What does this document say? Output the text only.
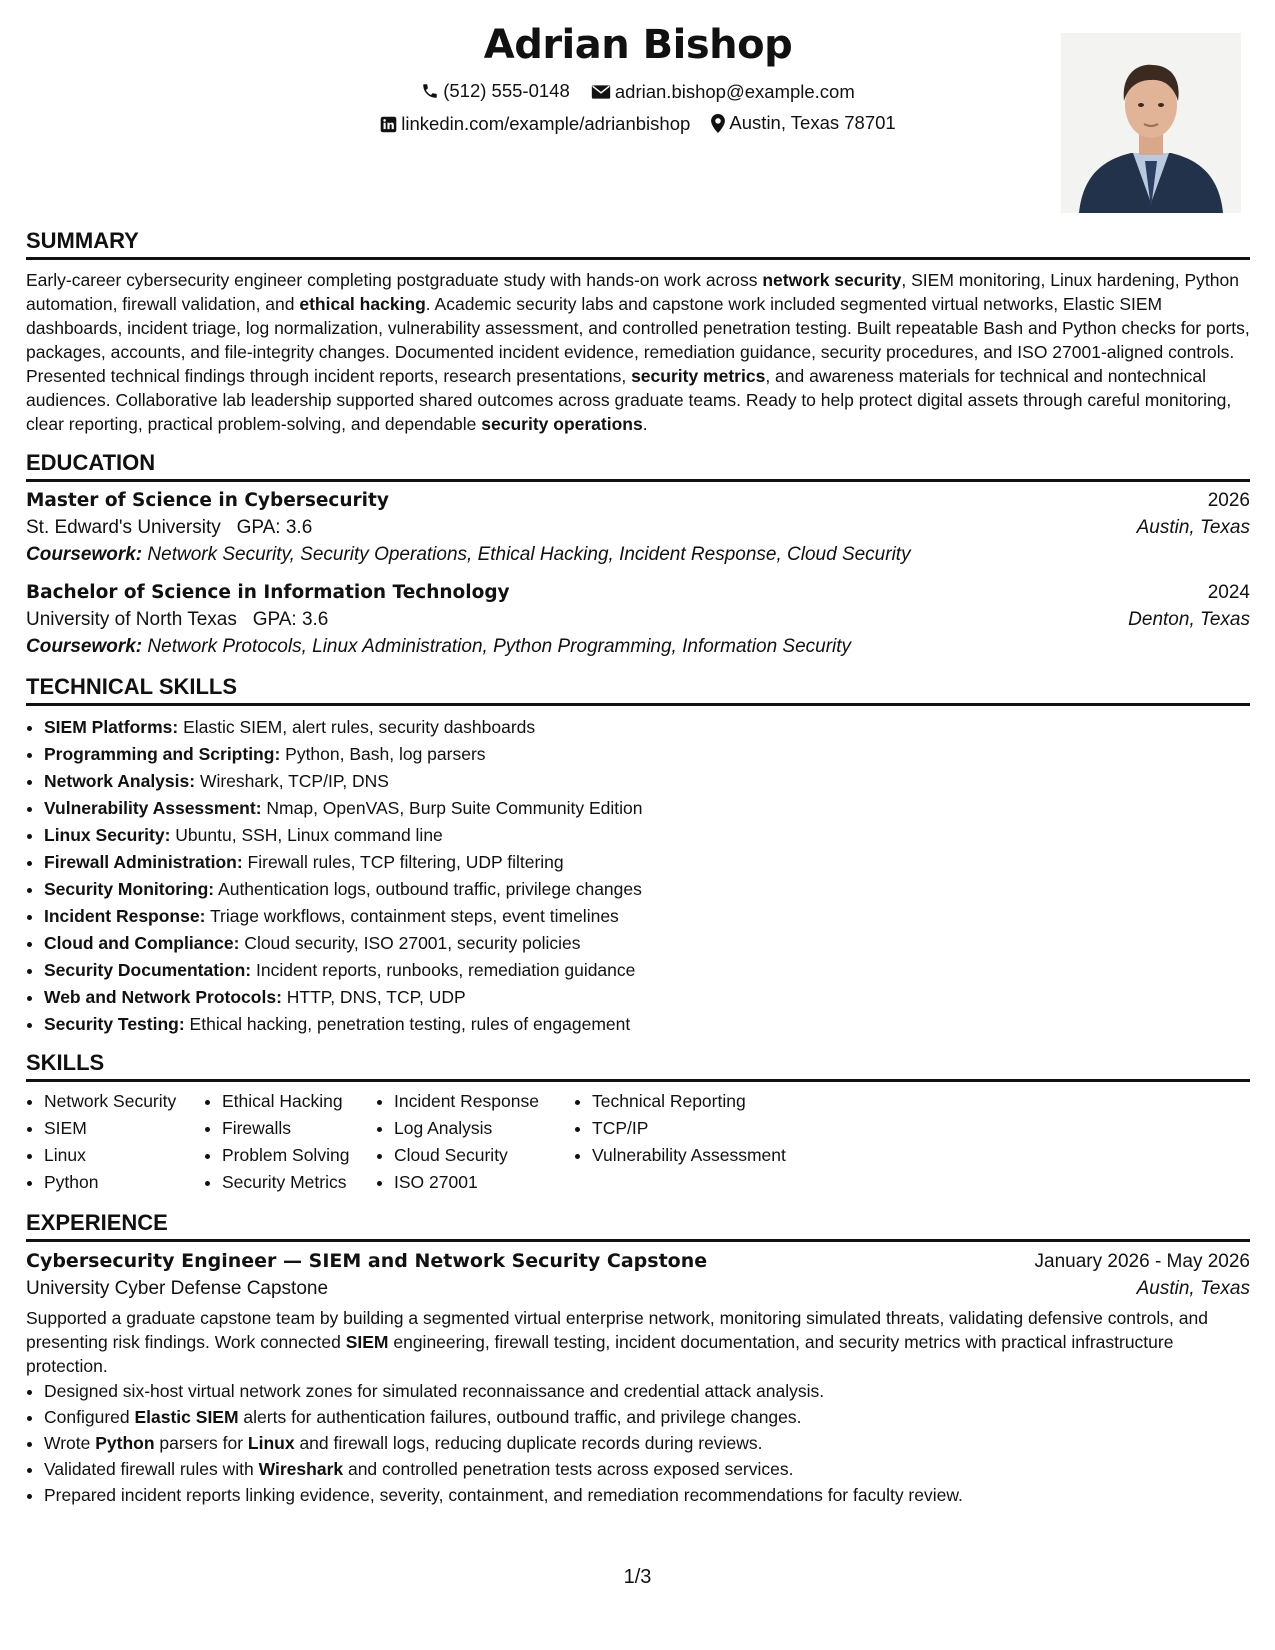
Adrian Bishop
(512) 555-0148
adrian.bishop@example.com
linkedin.com/example/adrianbishop
Austin, Texas 78701
SUMMARY
Early-career cybersecurity engineer completing postgraduate study with hands-on work across network security, SIEM monitoring, Linux hardening, Python automation, firewall validation, and ethical hacking. Academic security labs and capstone work included segmented virtual networks, Elastic SIEM dashboards, incident triage, log normalization, vulnerability assessment, and controlled penetration testing. Built repeatable Bash and Python checks for ports, packages, accounts, and file-integrity changes. Documented incident evidence, remediation guidance, security procedures, and ISO 27001-aligned controls. Presented technical findings through incident reports, research presentations, security metrics, and awareness materials for technical and nontechnical audiences. Collaborative lab leadership supported shared outcomes across graduate teams. Ready to help protect digital assets through careful monitoring, clear reporting, practical problem-solving, and dependable security operations.
EDUCATION
Master of Science in Cybersecurity	2026
St. Edward's University GPA: 3.6	Austin, Texas
Coursework: Network Security, Security Operations, Ethical Hacking, Incident Response, Cloud Security
Bachelor of Science in Information Technology	2024
University of North Texas GPA: 3.6	Denton, Texas
Coursework: Network Protocols, Linux Administration, Python Programming, Information Security
TECHNICAL SKILLS
• SIEM Platforms: Elastic SIEM, alert rules, security dashboards
• Programming and Scripting: Python, Bash, log parsers
• Network Analysis: Wireshark, TCP/IP, DNS
• Vulnerability Assessment: Nmap, OpenVAS, Burp Suite Community Edition
• Linux Security: Ubuntu, SSH, Linux command line
• Firewall Administration: Firewall rules, TCP filtering, UDP filtering
• Security Monitoring: Authentication logs, outbound traffic, privilege changes
• Incident Response: Triage workflows, containment steps, event timelines
• Cloud and Compliance: Cloud security, ISO 27001, security policies
• Security Documentation: Incident reports, runbooks, remediation guidance
• Web and Network Protocols: HTTP, DNS, TCP, UDP
• Security Testing: Ethical hacking, penetration testing, rules of engagement
SKILLS
• Network Security
• SIEM
• Linux
• Python
• Ethical Hacking
• Firewalls
• Problem Solving
• Security Metrics
• Incident Response
• Log Analysis
• Cloud Security
• ISO 27001
• Technical Reporting
• TCP/IP
• Vulnerability Assessment
EXPERIENCE
Cybersecurity Engineer — SIEM and Network Security Capstone	January 2026 - May 2026
University Cyber Defense Capstone	Austin, Texas
Supported a graduate capstone team by building a segmented virtual enterprise network, monitoring simulated threats, validating defensive controls, and presenting risk findings. Work connected SIEM engineering, firewall testing, incident documentation, and security metrics with practical infrastructure protection.
• Designed six-host virtual network zones for simulated reconnaissance and credential attack analysis.
• Configured Elastic SIEM alerts for authentication failures, outbound traffic, and privilege changes.
• Wrote Python parsers for Linux and firewall logs, reducing duplicate records during reviews.
• Validated firewall rules with Wireshark and controlled penetration tests across exposed services.
• Prepared incident reports linking evidence, severity, containment, and remediation recommendations for faculty review.
1/3
